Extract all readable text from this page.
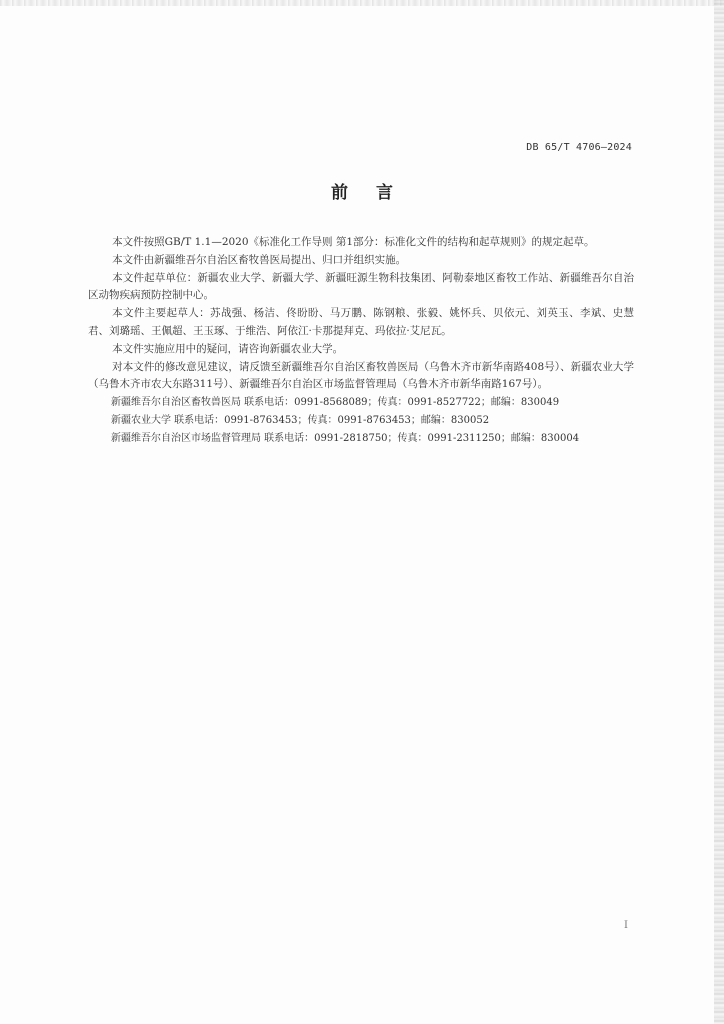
DB 65/T 4706—2024
前言

本文件按照GB/T 1.1—2020《标准化工作导则 第1部分：标准化文件的结构和起草规则》的规定起草。

本文件由新疆维吾尔自治区畜牧兽医局提出、归口并组织实施。

本文件起草单位：新疆农业大学、新疆大学、新疆旺源生物科技集团、阿勒泰地区畜牧工作站、新疆维吾尔自治区动物疾病预防控制中心。

本文件主要起草人：苏战强、杨洁、佟盼盼、马万鹏、陈钢粮、张毅、姚怀兵、贝依元、刘英玉、李斌、史慧君、刘璐瑶、王佩超、王玉琢、于维浩、阿依江·卡那提拜克、玛依拉·艾尼瓦。

本文件实施应用中的疑问，请咨询新疆农业大学。

对本文件的修改意见建议，请反馈至新疆维吾尔自治区畜牧兽医局（乌鲁木齐市新华南路408号）、新疆农业大学（乌鲁木齐市农大东路311号）、新疆维吾尔自治区市场监督管理局（乌鲁木齐市新华南路167号）。

新疆维吾尔自治区畜牧兽医局 联系电话：0991-8568089；传真：0991-8527722；邮编：830049

新疆农业大学 联系电话：0991-8763453；传真：0991-8763453；邮编：830052

新疆维吾尔自治区市场监督管理局 联系电话：0991-2818750；传真：0991-2311250；邮编：830004

I
